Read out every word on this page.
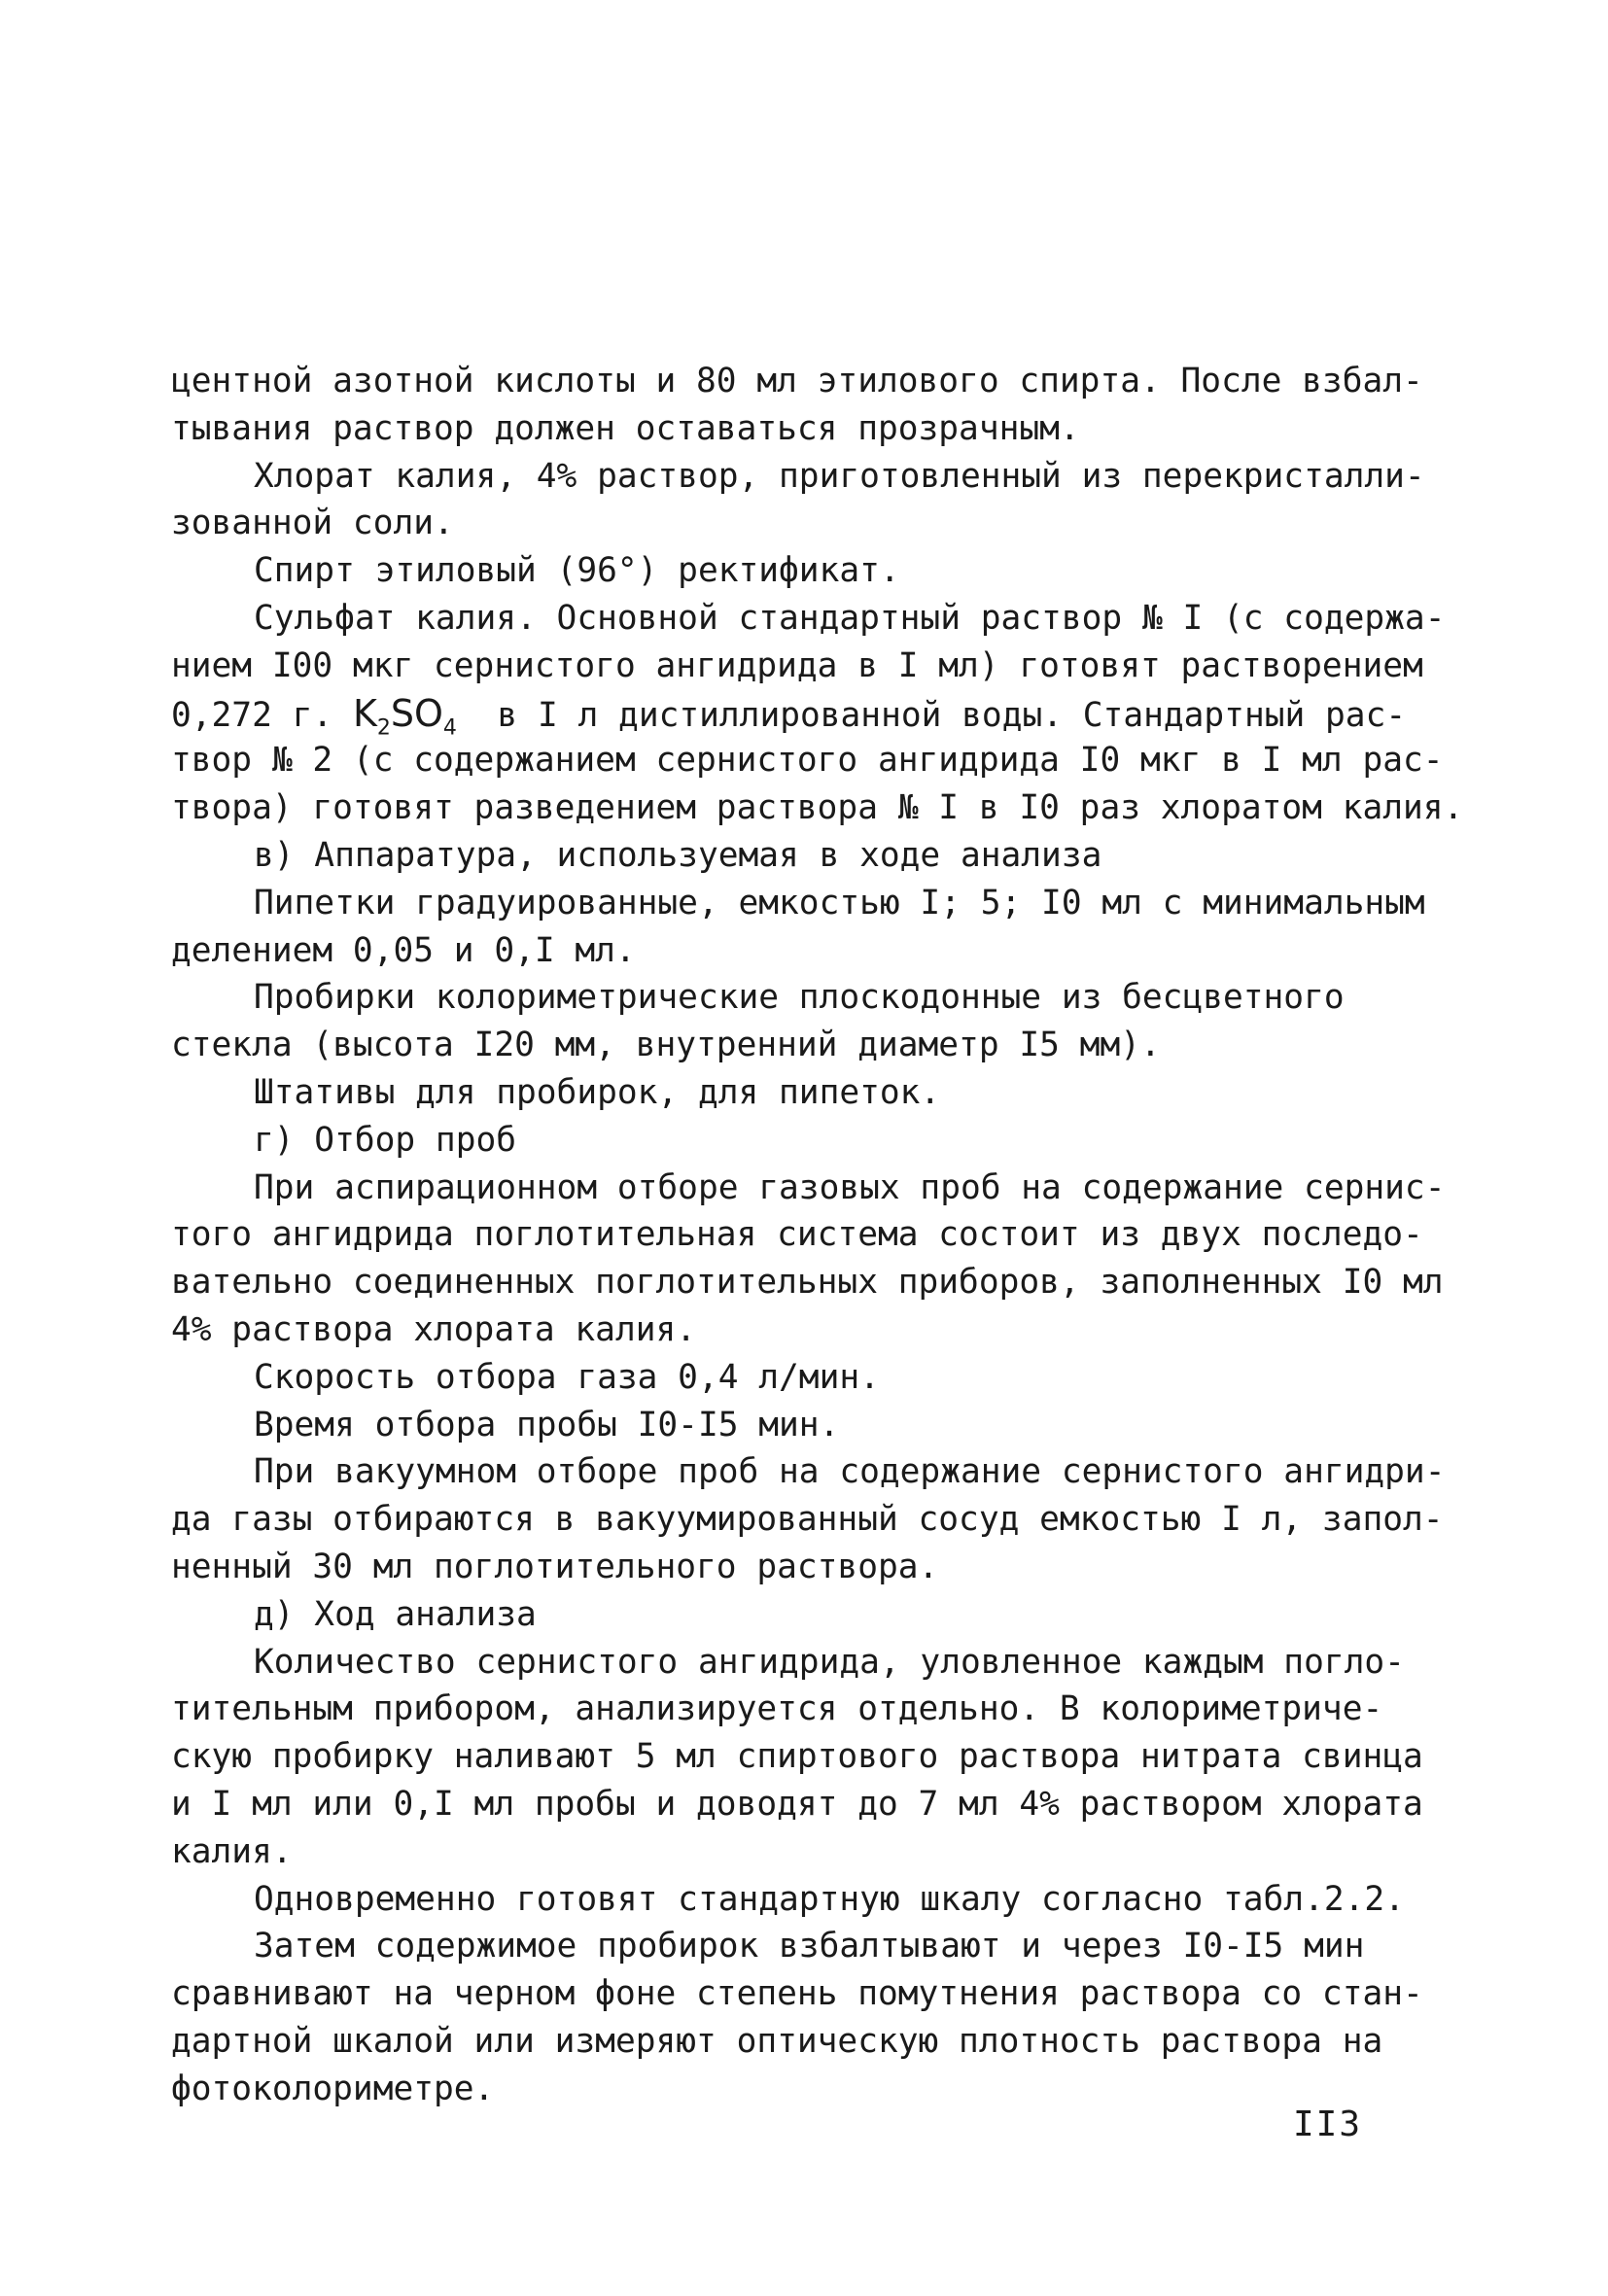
центной азотной кислоты и 80 мл этилового спирта. После взбал-
тывания раствор должен оставаться прозрачным.
Хлорат калия, 4% раствор, приготовленный из перекристалли-
зованной соли.
Спирт этиловый (96°) ректификат.
Сульфат калия. Основной стандартный раствор № I (с содержа-
нием I00 мкг сернистого ангидрида в I мл) готовят растворением
0,272 г. $K_2SO_4$  в I л дистиллированной воды. Стандартный рас-
твор № 2 (с содержанием сернистого ангидрида I0 мкг в I мл рас-
твора) готовят разведением раствора № I в I0 раз хлоратом калия.
в) Аппаратура, используемая в ходе анализа
Пипетки градуированные, емкостью I; 5; I0 мл с минимальным
делением 0,05 и 0,I мл.
Пробирки колориметрические плоскодонные из бесцветного
стекла (высота I20 мм, внутренний диаметр I5 мм).
Штативы для пробирок, для пипеток.
г) Отбор проб
При аспирационном отборе газовых проб на содержание сернис-
того ангидрида поглотительная система состоит из двух последо-
вательно соединенных поглотительных приборов, заполненных I0 мл
4% раствора хлората калия.
Скорость отбора газа 0,4 л/мин.
Время отбора пробы I0-I5 мин.
При вакуумном отборе проб на содержание сернистого ангидри-
да газы отбираются в вакуумированный сосуд емкостью I л, запол-
ненный 30 мл поглотительного раствора.
д) Ход анализа
Количество сернистого ангидрида, уловленное каждым погло-
тительным прибором, анализируется отдельно. В колориметриче-
скую пробирку наливают 5 мл спиртового раствора нитрата свинца
и I мл или 0,I мл пробы и доводят до 7 мл 4% раствором хлората
калия.
Одновременно готовят стандартную шкалу согласно табл.2.2.
Затем содержимое пробирок взбалтывают и через I0-I5 мин
сравнивают на черном фоне степень помутнения раствора со стан-
дартной шкалой или измеряют оптическую плотность раствора на
фотоколориметре.
II3
